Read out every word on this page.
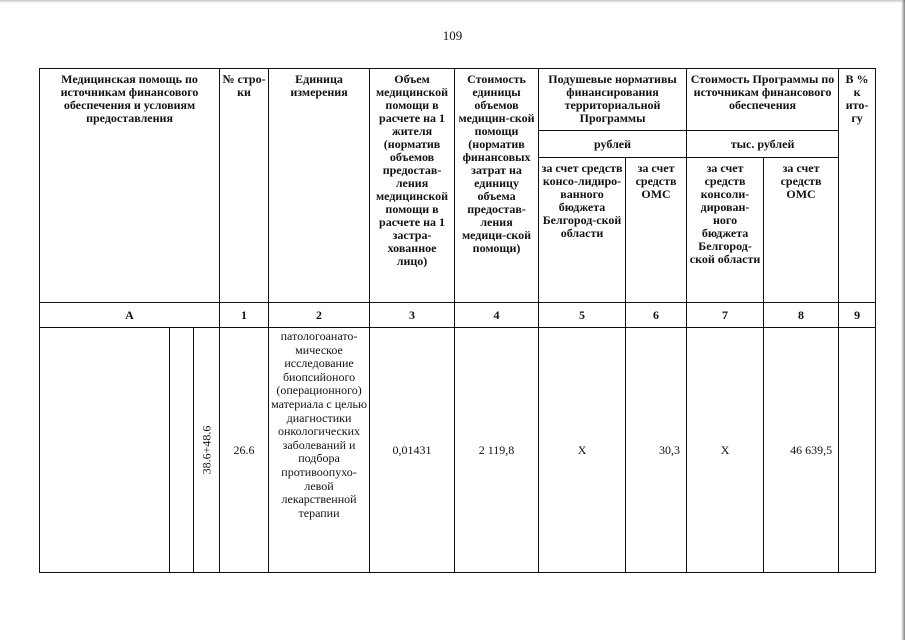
109
Медицинская помощь по источникам финансового обеспечения и условиям предоставления			№ стро-ки	Единица измерения	Объем медицинской помощи в расчете на 1 жителя (норматив объемов предостав-ления медицинской помощи в расчете на 1 застра-хованное лицо)	Стоимость единицы объемов медицин-ской помощи (норматив финансовых затрат на единицу объема предостав-ления медици-ской помощи)	Подушевые нормативы финансирования территориальной Программы		Стоимость Программы по источникам финансового обеспечения		В % к ито-гу
							рублей		тыс. рублей		
							за счет средств консо-лидиро-ванного бюджета Белгород-ской области	за счет средств ОМС	за счет средств консоли-дирован-ного бюджета Белгород-ской области	за счет средств ОМС	
А			1	2	3	4	5	6	7	8	9

		38.6+48.6	26.6	патологоанато-мическое исследование биопсийоного (операционного) материала с целью диагностики онкологических заболеваний и подбора противоопухо-левой лекарственной терапии	0,01431	2 119,8	Х	30,3	Х	46 639,5	
